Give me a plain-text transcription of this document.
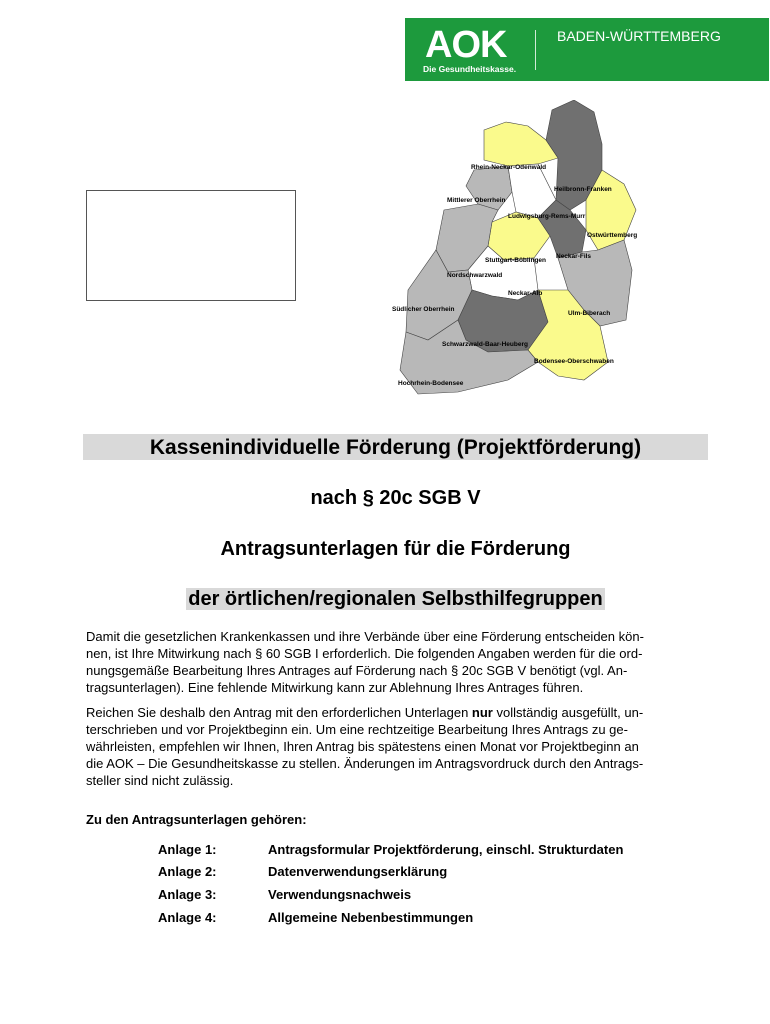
AOK
Die Gesundheitskasse.
BADEN-WÜRTTEMBERG
Rhein-Neckar-Odenwald
Heilbronn-Franken
Mittlerer Oberrhein
Ludwigsburg-Rems-Murr
Ostwürttemberg
Stuttgart-Böblingen
Neckar-Fils
Nordschwarzwald
Neckar-Alb
Südlicher Oberrhein
Ulm-Biberach
Schwarzwald-Baar-Heuberg
Bodensee-Oberschwaben
Hochrhein-Bodensee
Kassenindividuelle Förderung (Projektförderung)
nach § 20c SGB V
Antragsunterlagen für die Förderung
der örtlichen/regionalen Selbsthilfegruppen
Damit die gesetzlichen Krankenkassen und ihre Verbände über eine Förderung entscheiden kön-
nen, ist Ihre Mitwirkung nach § 60 SGB I erforderlich. Die folgenden Angaben werden für die ord-
nungsgemäße Bearbeitung Ihres Antrages auf Förderung nach § 20c SGB V benötigt (vgl. An-
tragsunterlagen). Eine fehlende Mitwirkung kann zur Ablehnung Ihres Antrages führen.
Reichen Sie deshalb den Antrag mit den erforderlichen Unterlagen nur vollständig ausgefüllt, un-
terschrieben und vor Projektbeginn ein. Um eine rechtzeitige Bearbeitung Ihres Antrags zu ge-
währleisten, empfehlen wir Ihnen, Ihren Antrag bis spätestens einen Monat vor Projektbeginn an
die AOK – Die Gesundheitskasse zu stellen. Änderungen im Antragsvordruck durch den Antrags-
steller sind nicht zulässig.
Zu den Antragsunterlagen gehören:
Anlage 1:	Antragsformular Projektförderung, einschl. Strukturdaten
Anlage 2:	Datenverwendungserklärung
Anlage 3:	Verwendungsnachweis
Anlage 4:	Allgemeine Nebenbestimmungen
